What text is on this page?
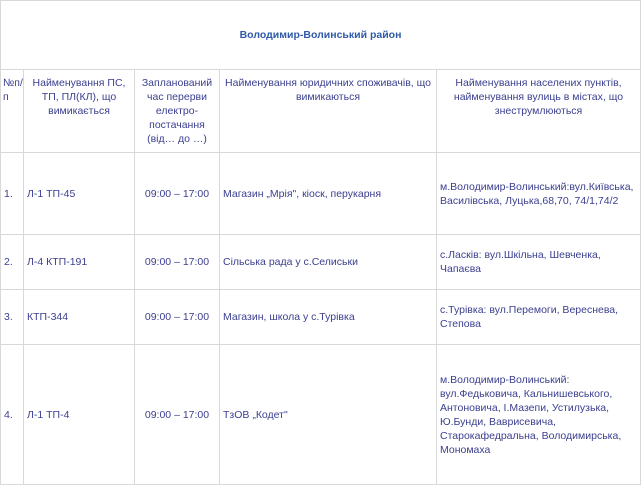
Володимир-Волинський район				
№п/п	Найменування ПС, ТП, ПЛ(КЛ), що вимикається	Запланований час перерви електро-постачання (від… до …)	Найменування юридичних споживачів, що вимикаються	Найменування населених пунктів, найменування вулиць в містах, що знеструмлюються
1.	Л-1 ТП-45	09:00 – 17:00	Магазин „Мрія", кіоск, перукарня	м.Володимир-Волинський:вул.Київська, Василівська, Луцька,68,70, 74/1,74/2
2.	Л-4 КТП-191	09:00 – 17:00	Сільська рада у с.Селиськи	с.Ласків: вул.Шкільна, Шевченка, Чапаєва
3.	КТП-344	09:00 – 17:00	Магазин, школа у с.Турівка	с.Турівка: вул.Перемоги, Вереснева, Степова
4.	Л-1 ТП-4	09:00 – 17:00	ТзОВ „Кодет"	м.Володимир-Волинський: вул.Федьковича, Кальнишевського, Антоновича, І.Мазепи, Устилузька, Ю.Бунди, Ваврисевича, Старокафедральна, Володимирська, Мономаха
